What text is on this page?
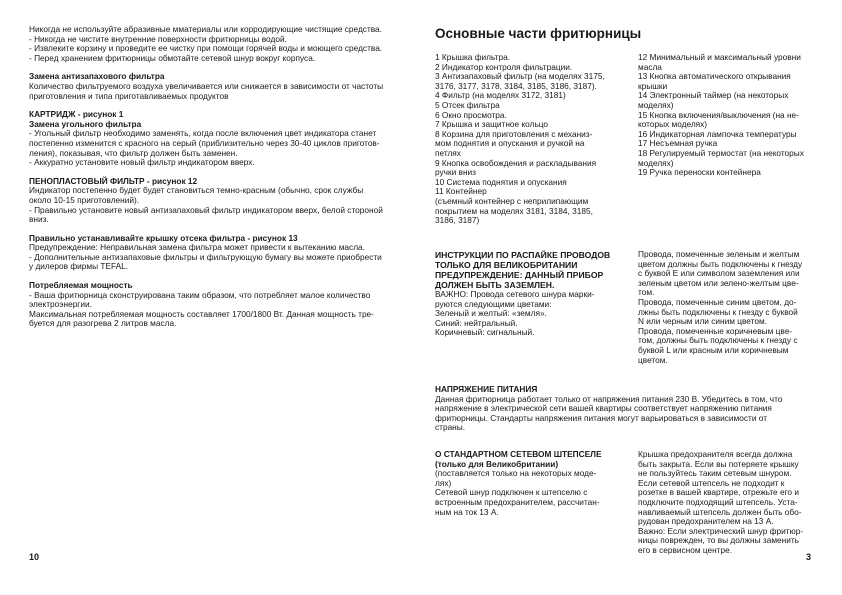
Никогда не используйте абразивные мматериалы или корродирующие чистящие средства.

- Никогда не чистите внутренние поверхности фритюрницы водой.

- Извлеките корзину и проведите ее чистку при помощи горячей воды и моющего средства.

- Перед хранением фритюрницы обмотайте сетевой шнур вокруг корпуса.

Замена антизапахового фильтра

Количество фильтруемого воздуха увеличивается или снижается в зависимости от частоты

приготовления и типа приготавливаемых продуктов

КАРТРИДЖ - рисунок 1

Замена угольного фильтра

- Угольный фильтр необходимо заменять, когда после включения цвет индикатора станет

постепенно изменится с красного на серый (приблизительно через 30-40 циклов приготов-

ления), показывая, что фильтр должен быть заменен.

- Аккуратно установите новый фильтр индикатором вверх.

ПЕНОПЛАСТОВЫЙ ФИЛЬТР - рисунок 12

Индикатор постепенно будет будет становиться темно-красным (обычно, срок службы

около 10-15 приготовлений).

- Правильно установите новый антизапаховый фильтр индикатором вверх, белой стороной

вниз.

Правильно устанавливайте крышку отсека фильтра - рисунок 13

Предупреждение: Неправильная замена фильтра может привести к вытеканию масла.

- Дополнительные антизапаховые фильтры и фильтрующую бумагу вы можете приобрести

у дилеров фирмы TEFAL.

Потребляемая мощность

- Ваша фритюрница сконструирована таким образом, что потребляет малое количество

электроэнергии.

Максимальная потребляемая мощность составляет 1700/1800 Вт. Данная мощность тре-

буется для разогрева 2 литров масла.

10
Основные части фритюрницы

1 Крышка фильтра.

2 Индикатор контроля фильтрации.

3 Антизапаховый фильтр (на моделях 3175,

3176, 3177, 3178, 3184, 3185, 3186, 3187).

4 Фильтр (на моделях 3172, 3181)

5 Отсек фильтра

6 Окно просмотра.

7 Крышка и защитное кольцо

8 Корзина для приготовления с механиз-

мом поднятия и опускания и ручкой на

петлях

9 Кнопка освобождения и раскладывания

ручки вниз

10 Система поднятия и опускания

11 Контейнер

(съемный контейнер с неприлипающим

покрытием на моделях 3181, 3184, 3185,

3186, 3187)

12 Минимальный и максимальный уровни

масла

13 Кнопка автоматического открывания

крышки

14 Электронный таймер (на некоторых

моделях)

15 Кнопка включения/выключения (на не-

которых моделях)

16 Индикаторная лампочка температуры

17 Несъемная ручка

18 Регулируемый термостат (на некоторых

моделях)

19 Ручка переноски контейнера

ИНСТРУКЦИИ ПО РАСПАЙКЕ ПРОВОДОВ

ТОЛЬКО ДЛЯ ВЕЛИКОБРИТАНИИ

ПРЕДУПРЕЖДЕНИЕ: ДАННЫЙ ПРИБОР

ДОЛЖЕН БЫТЬ ЗАЗЕМЛЕН.

ВАЖНО: Провода сетевого шнура марки-

руются следующими цветами:

Зеленый и желтый: «земля».

Синий: нейтральный.

Коричневый: сигнальный.

Провода, помеченные зеленым и желтым

цветом должны быть подключены к гнезду

с буквой Е или символом заземления или

зеленым цветом или зелено-желтым цве-

том.

Провода, помеченные синим цветом, до-

лжны быть подключены к гнезду с буквой

N или черным или синим цветом.

Провода, помеченные коричневым цве-

том, должны быть подключены к гнезду с

буквой L или красным или коричневым

цветом.

НАПРЯЖЕНИЕ ПИТАНИЯ

Данная фритюрница работает только от напряжения питания 230 В. Убедитесь в том, что

напряжение в электрической сети вашей квартиры соответствует напряжению питания

фритюрницы. Стандарты напряжения питания могут варьироваться в зависимости от

страны.

О СТАНДАРТНОМ СЕТЕВОМ ШТЕПСЕЛЕ

(только для Великобритании)

(поставляется только на некоторых моде-

лях)

Сетевой шнур подключен к штепселю с

встроенным предохранителем, рассчитан-

ным на ток 13 А.

Крышка предохранителя всегда должна

быть закрыта. Если вы потеряете крышку

не пользуйтесь таким сетевым шнуром.

Если сетевой штепсель не подходит к

розетке в вашей квартире, отрежьте его и

подключите подходящий штепсель. Уста-

навливаемый штепсель должен быть обо-

рудован предохранителем на 13 А.

Важно: Если электрический шнур фритюр-

ницы поврежден, то вы должны заменить

его в сервисном центре.

3
